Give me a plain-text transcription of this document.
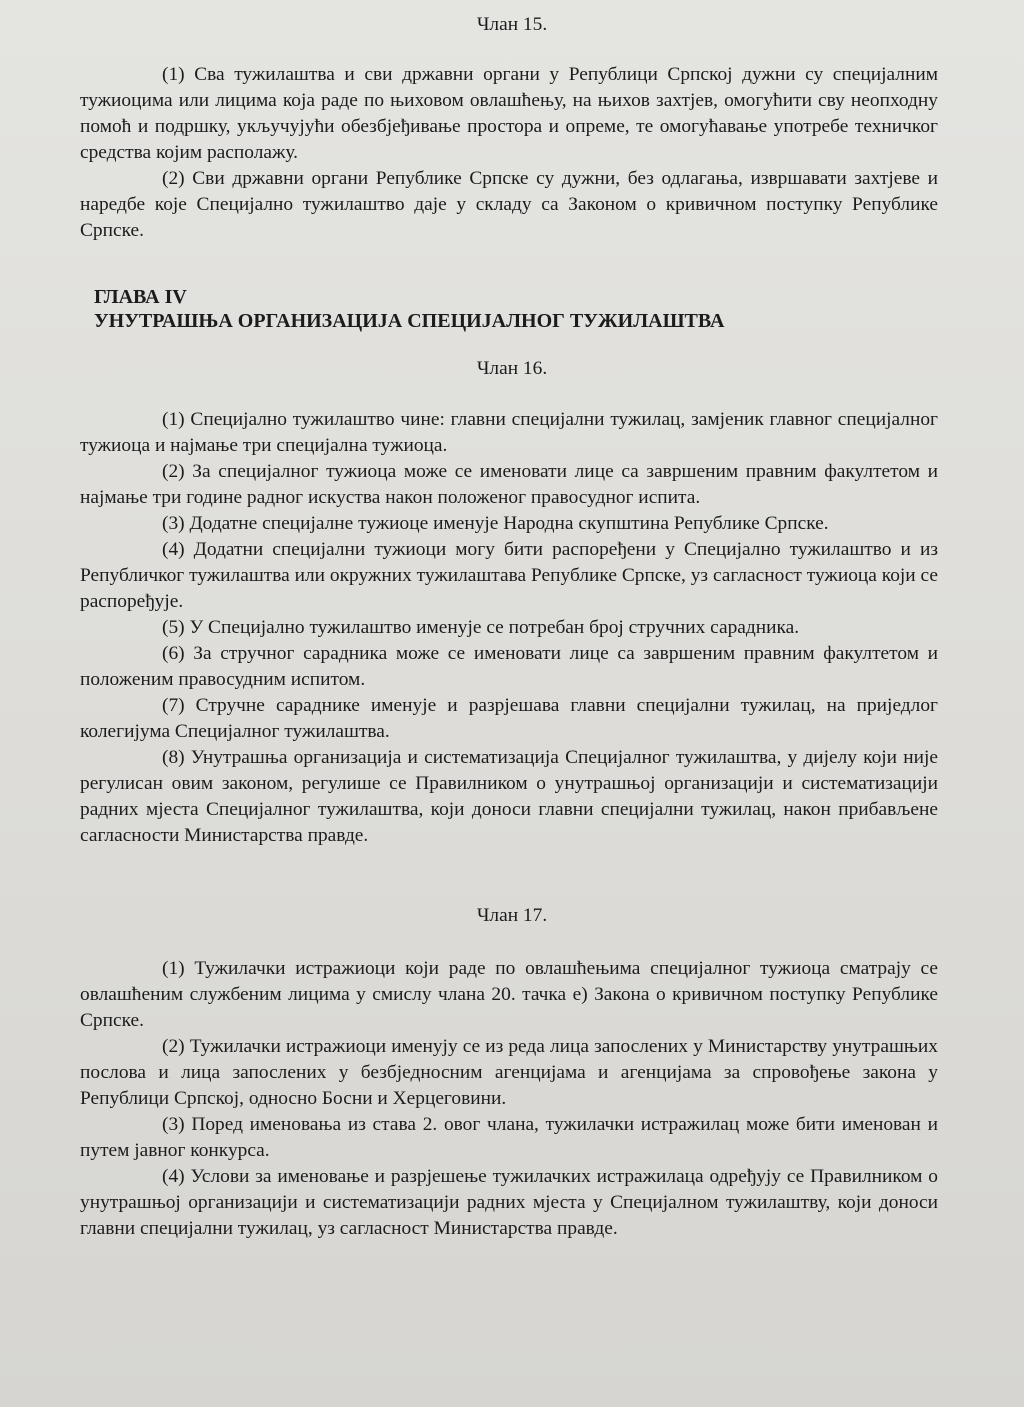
Члан 15.

(1) Сва тужилаштва и сви државни органи у Републици Српској дужни су специјалним тужиоцима или лицима која раде по њиховом овлашћењу, на њихов захтјев, омогућити сву неопходну помоћ и подршку, укључујући обезбјеђивање простора и опреме, те омогућавање употребе техничког средства којим располажу.

(2) Сви државни органи Републике Српске су дужни, без одлагања, извршавати захтјеве и наредбе које Специјално тужилаштво даје у складу са Законом о кривичном поступку Републике Српске.

ГЛАВА IV

УНУТРАШЊА ОРГАНИЗАЦИЈА СПЕЦИЈАЛНОГ ТУЖИЛАШТВА

Члан 16.

(1) Специјално тужилаштво чине: главни специјални тужилац, замјеник главног специјалног тужиоца и најмање три специјална тужиоца.

(2) За специјалног тужиоца може се именовати лице са завршеним правним факултетом и најмање три године радног искуства након положеног правосудног испита.

(3) Додатне специјалне тужиоце именује Народна скупштина Републике Српске.

(4) Додатни специјални тужиоци могу бити распоређени у Специјално тужилаштво и из Републичког тужилаштва или окружних тужилаштава Републике Српске, уз сагласност тужиоца који се распоређује.

(5) У Специјално тужилаштво именује се потребан број стручних сарадника.

(6) За стручног сарадника може се именовати лице са завршеним правним факултетом и положеним правосудним испитом.

(7) Стручне сараднике именује и разрјешава главни специјални тужилац, на приједлог колегијума Специјалног тужилаштва.

(8) Унутрашња организација и систематизација Специјалног тужилаштва, у дијелу који није регулисан овим законом, регулише се Правилником о унутрашњој организацији и систематизацији радних мјеста Специјалног тужилаштва, који доноси главни специјални тужилац, након прибављене сагласности Министарства правде.

Члан 17.

(1) Тужилачки истражиоци који раде по овлашћењима специјалног тужиоца сматрају се овлашћеним службеним лицима у смислу члана 20. тачка е) Закона о кривичном поступку Републике Српске.

(2) Тужилачки истражиоци именују се из реда лица запослених у Министарству унутрашњих послова и лица запослених у безбједносним агенцијама и агенцијама за спровођење закона у Републици Српској, односно Босни и Херцеговини.

(3) Поред именовања из става 2. овог члана, тужилачки истражилац може бити именован и путем јавног конкурса.

(4) Услови за именовање и разрјешење тужилачких истражилаца одређују се Правилником о унутрашњој организацији и систематизацији радних мјеста у Специјалном тужилаштву, који доноси главни специјални тужилац, уз сагласност Министарства правде.
